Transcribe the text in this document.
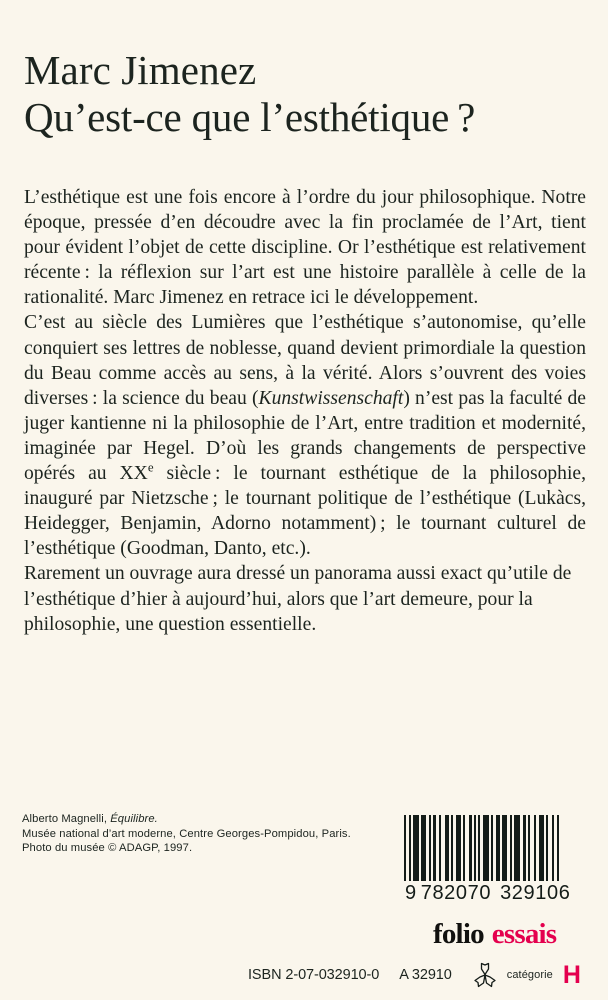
Marc Jimenez
Qu’est-ce que l’esthétique ?

L’esthétique est une fois encore à l’ordre du jour philosophique. Notre époque, pressée d’en découdre avec la fin proclamée de l’Art, tient pour évident l’objet de cette discipline. Or l’esthétique est relativement récente : la réflexion sur l’art est une histoire parallèle à celle de la rationalité. Marc Jimenez en retrace ici le développement.

C’est au siècle des Lumières que l’esthétique s’autonomise, qu’elle conquiert ses lettres de noblesse, quand devient primordiale la question du Beau comme accès au sens, à la vérité. Alors s’ouvrent des voies diverses : la science du beau (Kunstwissenschaft) n’est pas la faculté de juger kantienne ni la philosophie de l’Art, entre tradition et modernité, imaginée par Hegel. D’où les grands changements de perspective opérés au XXe siècle : le tournant esthétique de la philosophie, inauguré par Nietzsche ; le tournant politique de l’esthétique (Lukàcs, Heidegger, Benjamin, Adorno notamment) ; le tournant culturel de l’esthétique (Goodman, Danto, etc.).

Rarement un ouvrage aura dressé un panorama aussi exact qu’utile de l’esthétique d’hier à aujourd’hui, alors que l’art demeure, pour la philosophie, une question essentielle.

Alberto Magnelli, Équilibre.
Musée national d’art moderne, Centre Georges-Pompidou, Paris.
Photo du musée © ADAGP, 1997.
9 782070 329106
folio essais
ISBN 2-07-032910-0 A 32910	catégorie H
